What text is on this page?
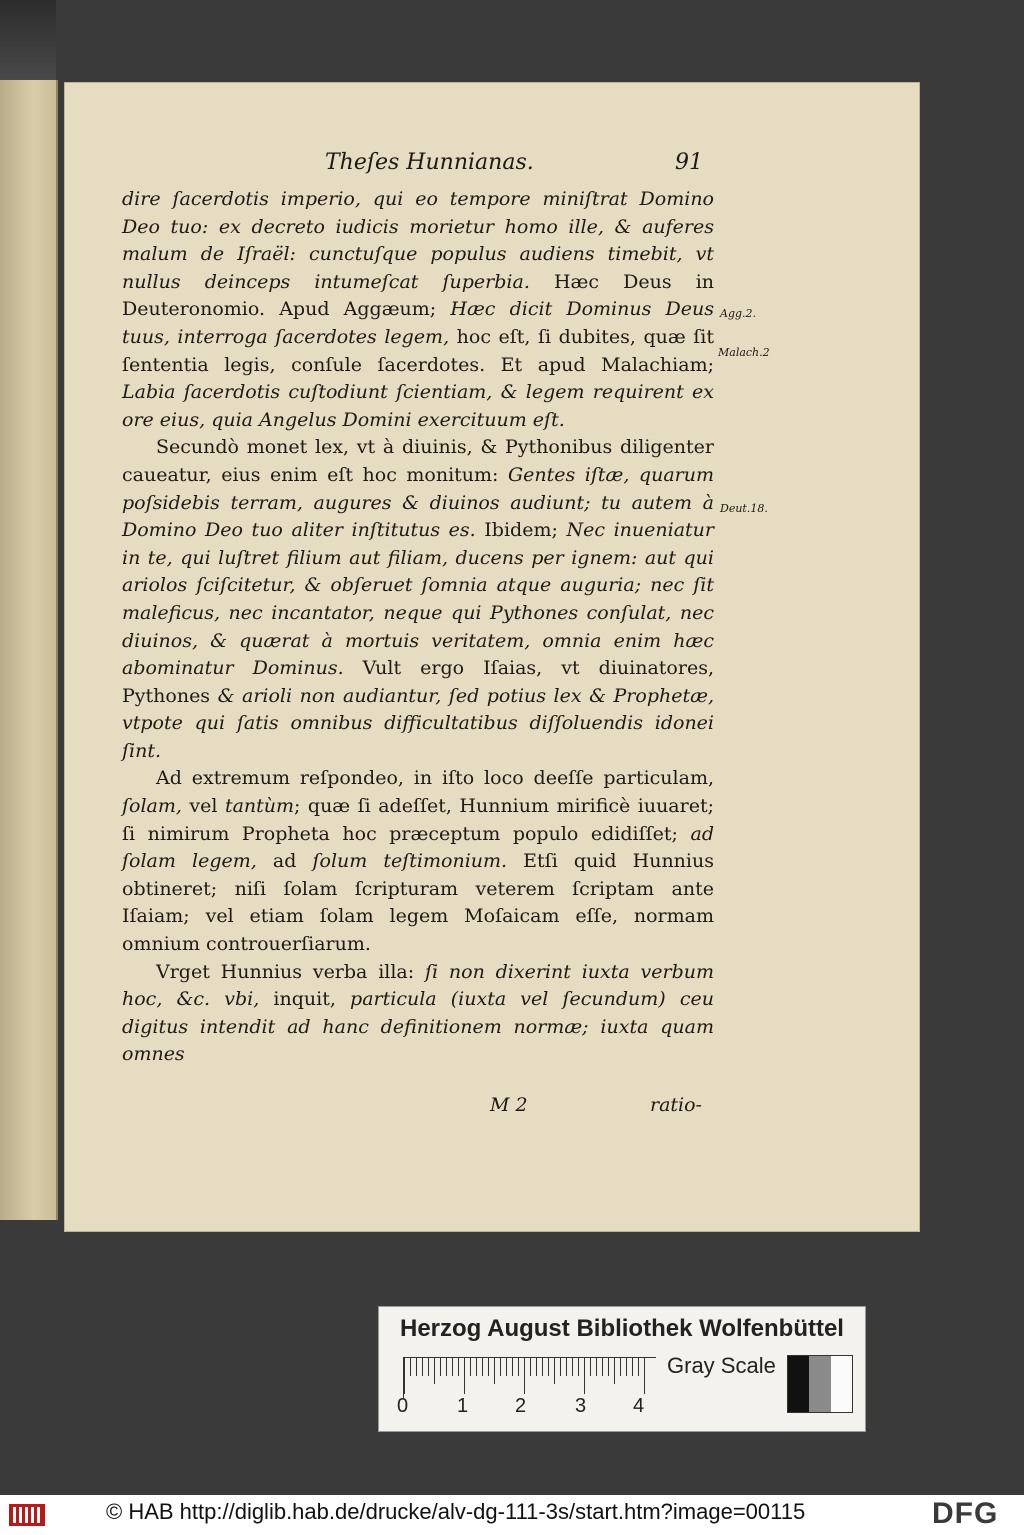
Theſes Hunnianas.	91

dire ſacerdotis imperio, qui eo tempore miniſtrat Domino Deo tuo: ex decreto iudicis morietur homo ille, & auferes malum de Iſraël: cunctuſque populus audiens timebit, vt nullus deinceps intumeſcat ſuperbia. Hæc Deus in Deuteronomio. Apud Aggæum; Hæc dicit Dominus Deus tuus, interroga ſacerdotes legem, hoc eſt, ſi dubites, quæ ſit ſententia legis, conſule ſacerdotes. Et apud Malachiam; Labia ſacerdotis cuſtodiunt ſcientiam, & legem requirent ex ore eius, quia Angelus Domini exercituum eſt.

Secundò monet lex, vt à diuinis, & Pythonibus diligenter caueatur, eius enim eſt hoc monitum: Gentes iſtæ, quarum poſsidebis terram, augures & diuinos audiunt; tu autem à Domino Deo tuo aliter inſtitutus es. Ibidem; Nec inueniatur in te, qui luſtret filium aut filiam, ducens per ignem: aut qui ariolos ſciſcitetur, & obſeruet ſomnia atque auguria; nec ſit maleficus, nec incantator, neque qui Pythones conſulat, nec diuinos, & quærat à mortuis veritatem, omnia enim hæc abominatur Dominus. Vult ergo Iſaias, vt diuinatores, Pythones & arioli non audiantur, ſed potius lex & Prophetæ, vtpote qui ſatis omnibus difficultatibus diſſoluendis idonei ſint.

Ad extremum reſpondeo, in iſto loco deeſſe particulam, ſolam, vel tantùm; quæ ſi adeſſet, Hunnium mirificè iuuaret; ſi nimirum Propheta hoc præceptum populo edidiſſet; ad ſolam legem, ad ſolum teſtimonium. Etſi quid Hunnius obtineret; niſi ſolam ſcripturam veterem ſcriptam ante Iſaiam; vel etiam ſolam legem Moſaicam eſſe, normam omnium controuerſiarum.

Vrget Hunnius verba illa: ſi non dixerint iuxta verbum hoc, &c. vbi, inquit, particula (iuxta vel ſecundum) ceu digitus intendit ad hanc definitionem normæ; iuxta quam omnes

Agg.2.
Malach.2
Deut.18.
M 2	ratio-
Herzog August Bibliothek Wolfenbüttel
0 1 2 3 4
Gray Scale
© HAB http://diglib.hab.de/drucke/alv-dg-111-3s/start.htm?image=00115	DFG
